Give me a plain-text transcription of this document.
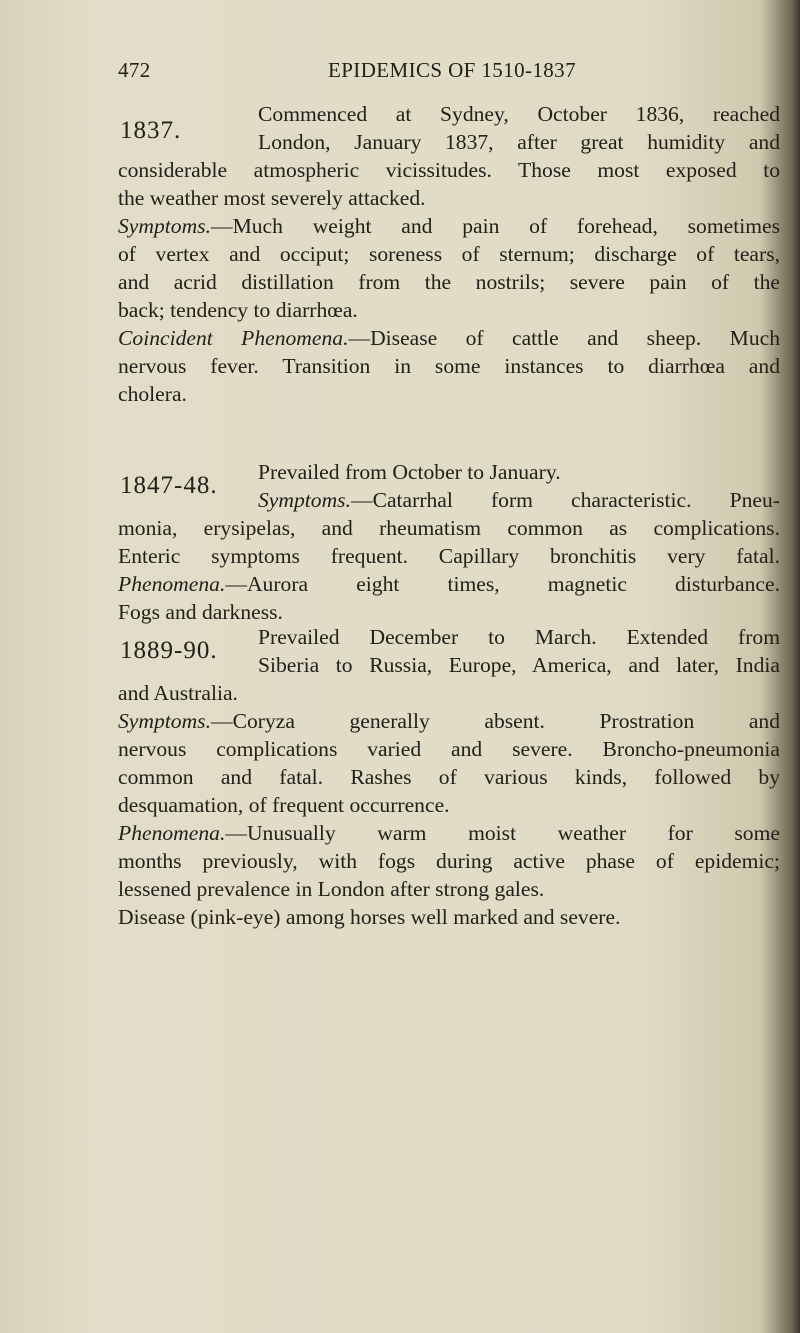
472	EPIDEMICS OF 1510-1837
1837.
Commenced at Sydney, October 1836, reached
London, January 1837, after great humidity and
considerable atmospheric vicissitudes. Those most exposed to
the weather most severely attacked.
Symptoms.—Much weight and pain of forehead, sometimes
of vertex and occiput; soreness of sternum; discharge of tears,
and acrid distillation from the nostrils; severe pain of the
back; tendency to diarrhœa.
Coincident Phenomena.—Disease of cattle and sheep. Much
nervous fever. Transition in some instances to diarrhœa and
cholera.
1847-48. Prevailed from October to January.
Symptoms.—Catarrhal form characteristic. Pneu-
monia, erysipelas, and rheumatism common as complications.
Enteric symptoms frequent. Capillary bronchitis very fatal.
Phenomena.—Aurora eight times, magnetic disturbance.
Fogs and darkness.
1889-90. Prevailed December to March. Extended from
Siberia to Russia, Europe, America, and later, India
and Australia.
Symptoms.—Coryza generally absent. Prostration and
nervous complications varied and severe. Broncho-pneumonia
common and fatal. Rashes of various kinds, followed by
desquamation, of frequent occurrence.
Phenomena.—Unusually warm moist weather for some
months previously, with fogs during active phase of epidemic;
lessened prevalence in London after strong gales.
Disease (pink-eye) among horses well marked and severe.
